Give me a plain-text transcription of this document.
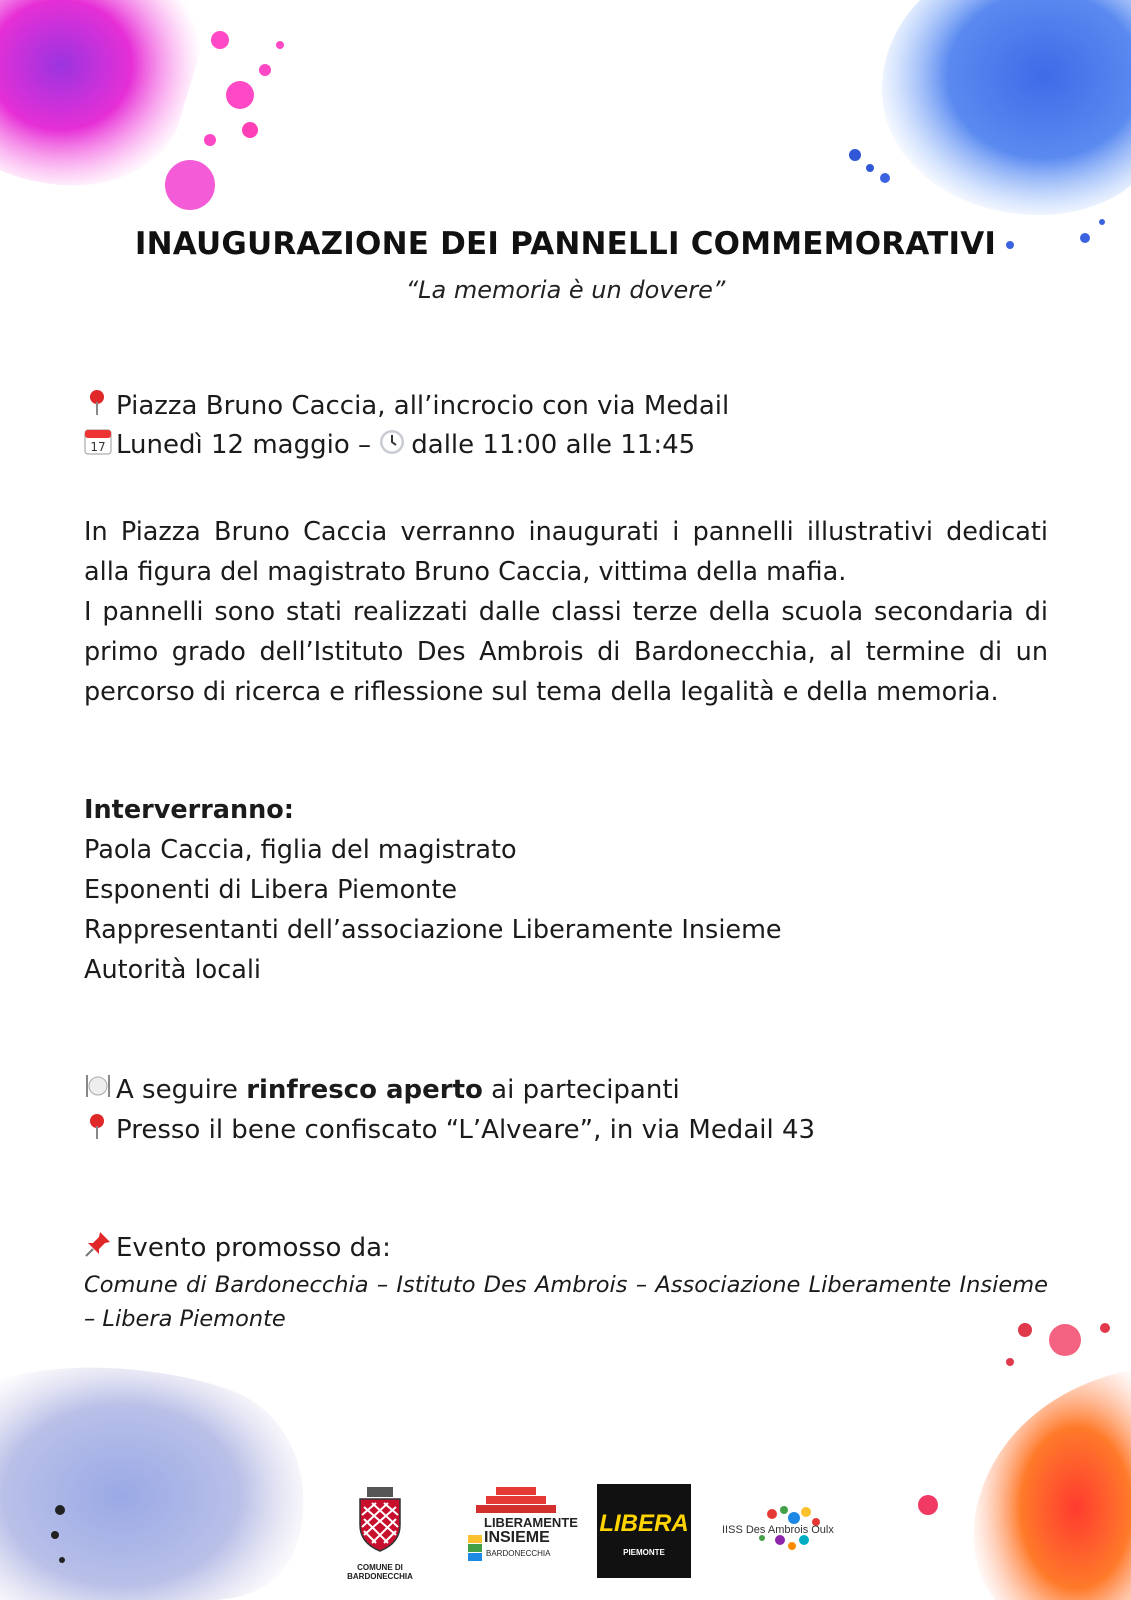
INAUGURAZIONE DEI PANNELLI COMMEMORATIVI
“La memoria è un dovere”
Piazza Bruno Caccia, all’incrocio con via Medail
17 Lunedì 12 maggio – dalle 11:00 alle 11:45

In Piazza Bruno Caccia verranno inaugurati i pannelli illustrativi dedicati alla figura del magistrato Bruno Caccia, vittima della mafia.

I pannelli sono stati realizzati dalle classi terze della scuola secondaria di primo grado dell’Istituto Des Ambrois di Bardonecchia, al termine di un percorso di ricerca e riflessione sul tema della legalità e della memoria.

Interverranno:
Paola Caccia, figlia del magistrato
Esponenti di Libera Piemonte
Rappresentanti dell’associazione Liberamente Insieme
Autorità locali
A seguire rinfresco aperto ai partecipanti
Presso il bene confiscato “L’Alveare”, in via Medail 43
Evento promosso da:
Comune di Bardonecchia – Istituto Des Ambrois – Associazione Liberamente Insieme – Libera Piemonte
COMUNE DI BARDONECCHIA
LIBERAMENTE
INSIEME
BARDONECCHIA
LIBERA
PIEMONTE
IISS Des Ambrois Oulx
